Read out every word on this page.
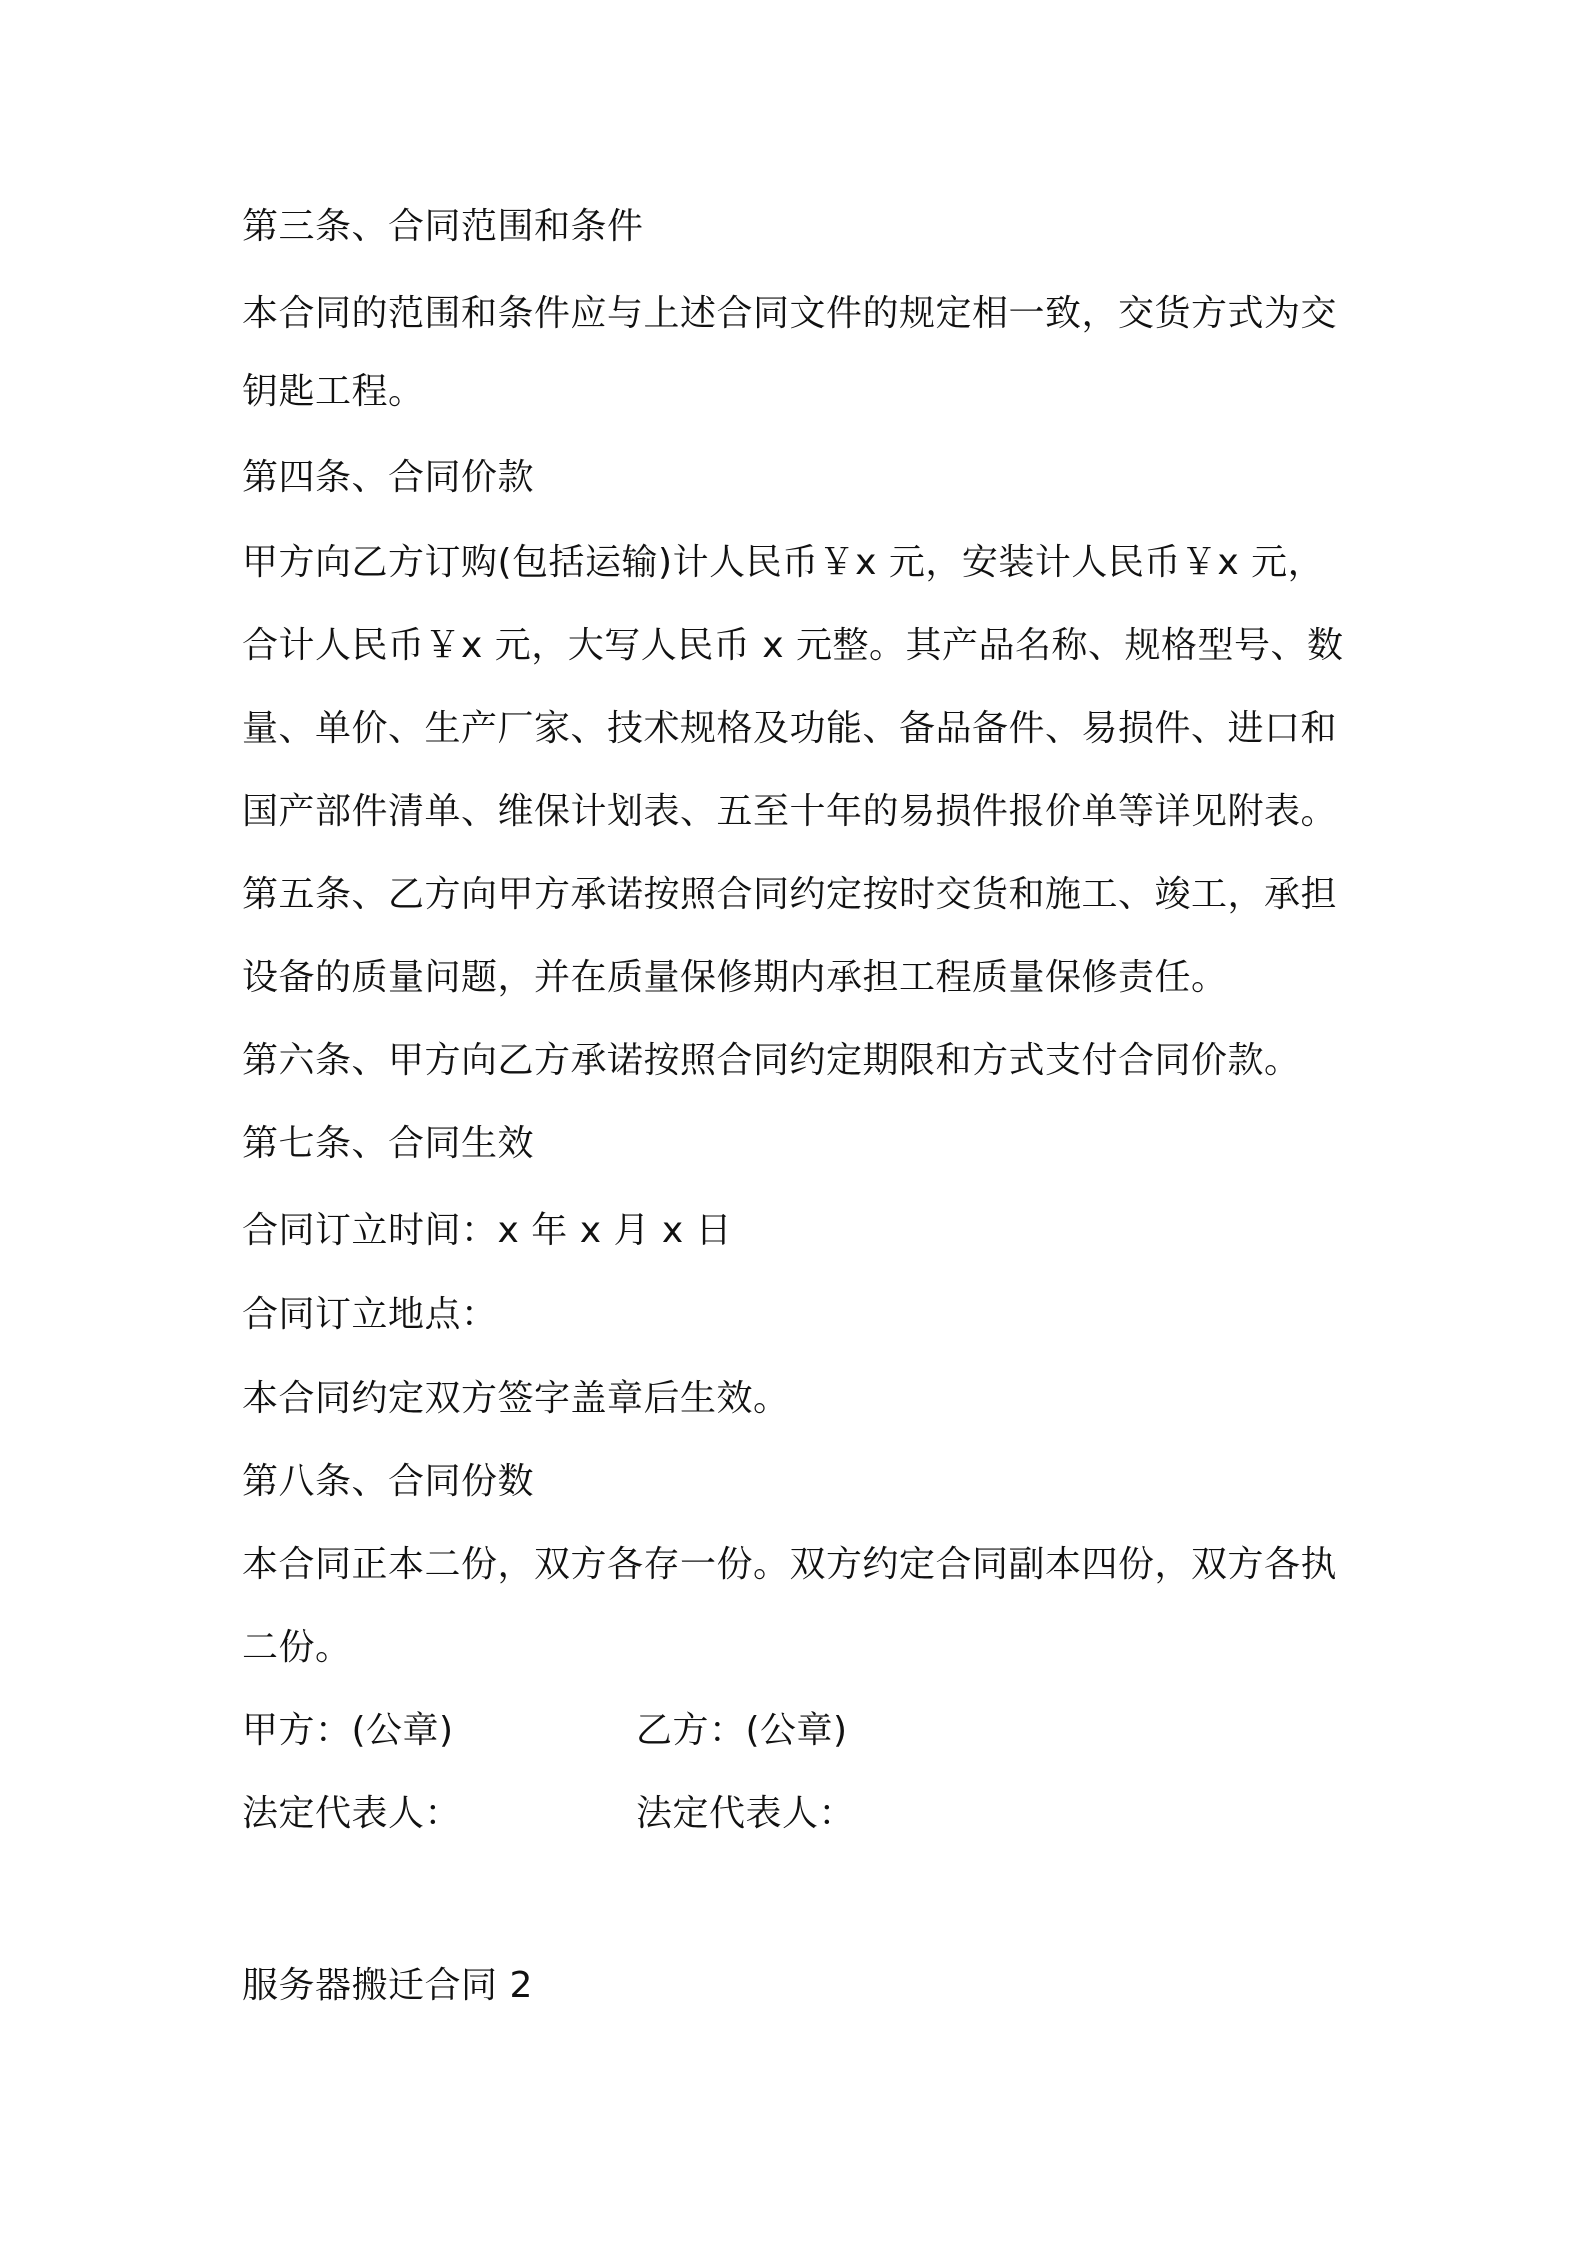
第三条、合同范围和条件
本合同的范围和条件应与上述合同文件的规定相一致，交货方式为交
钥匙工程。
第四条、合同价款
甲方向乙方订购(包括运输)计人民币￥x 元，安装计人民币￥x 元，
合计人民币￥x 元，大写人民币 x 元整。其产品名称、规格型号、数
量、单价、生产厂家、技术规格及功能、备品备件、易损件、进口和
国产部件清单、维保计划表、五至十年的易损件报价单等详见附表。
第五条、乙方向甲方承诺按照合同约定按时交货和施工、竣工，承担
设备的质量问题，并在质量保修期内承担工程质量保修责任。
第六条、甲方向乙方承诺按照合同约定期限和方式支付合同价款。
第七条、合同生效
合同订立时间：x 年 x 月 x 日
合同订立地点：
本合同约定双方签字盖章后生效。
第八条、合同份数
本合同正本二份，双方各存一份。双方约定合同副本四份，双方各执
二份。
甲方：(公章)	乙方：(公章)
法定代表人：	法定代表人：
服务器搬迁合同 2
